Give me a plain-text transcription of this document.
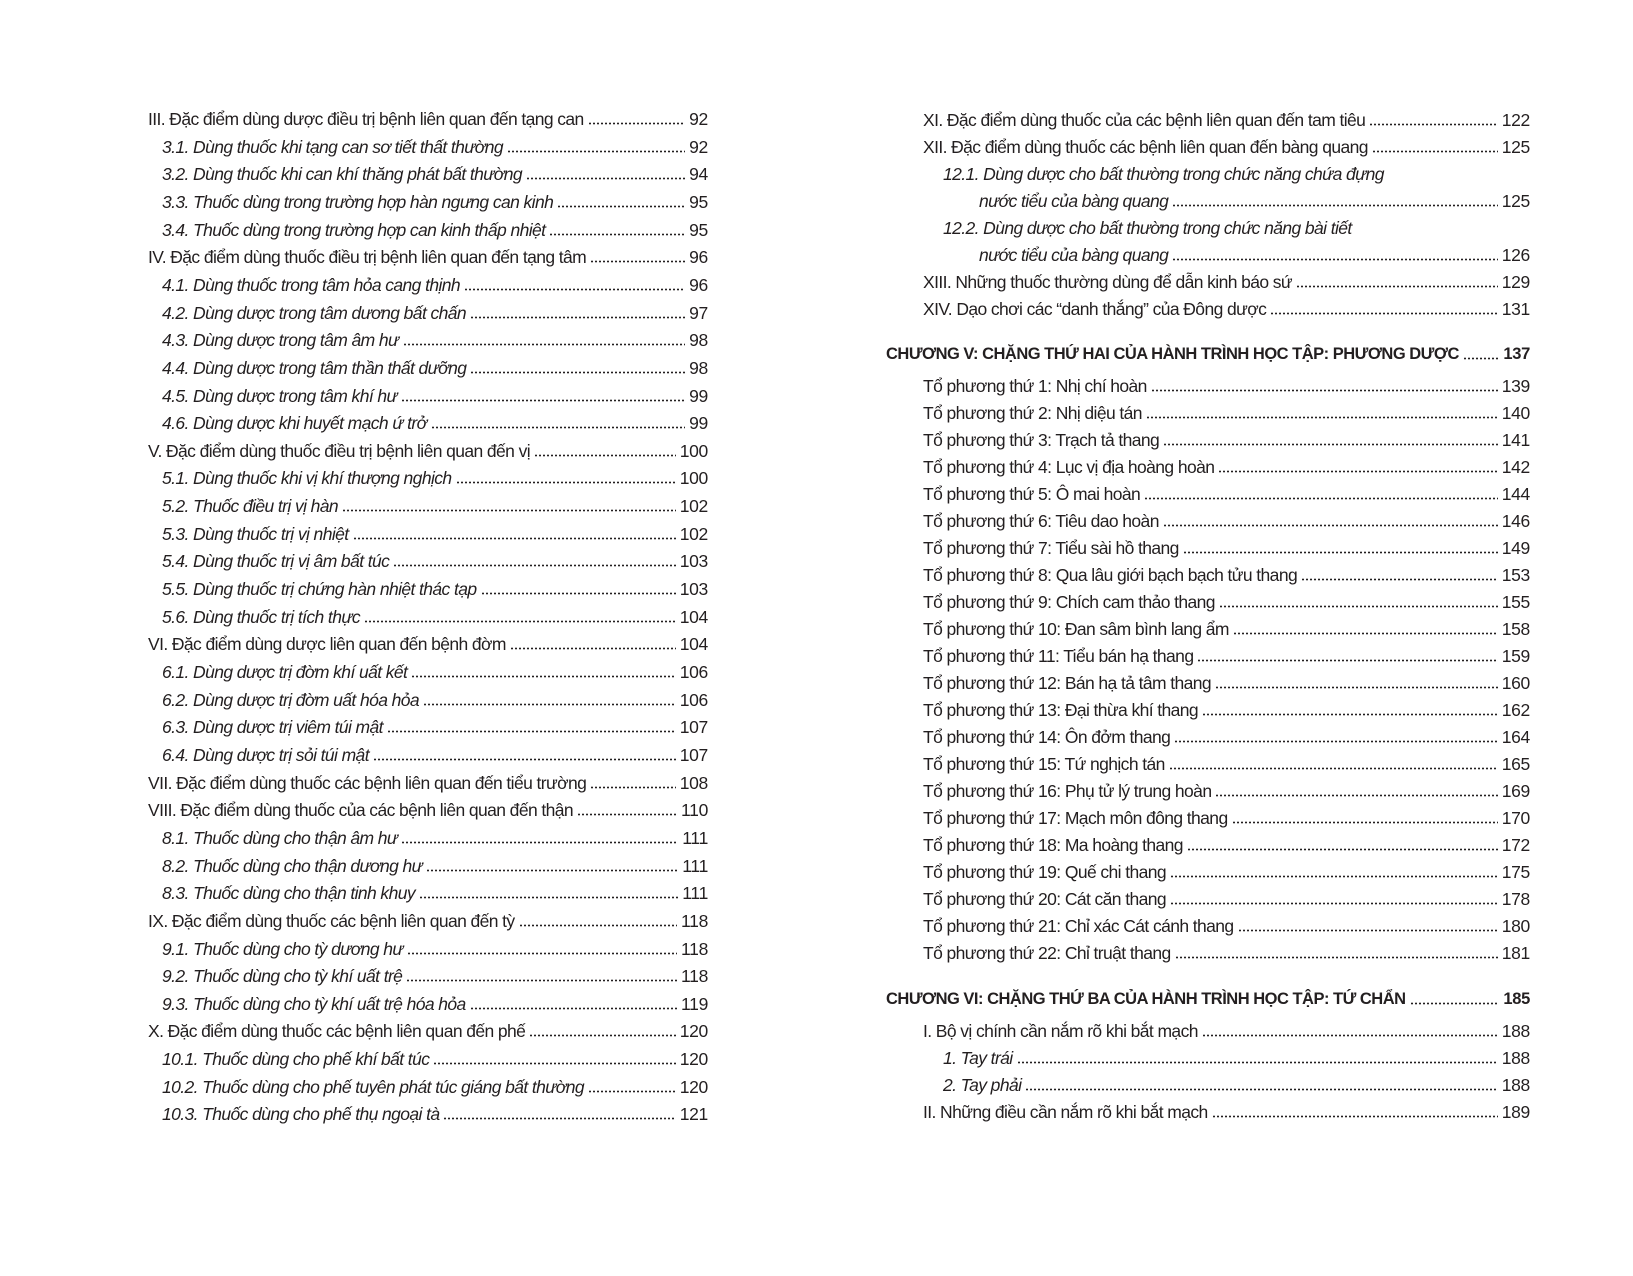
III. Đặc điểm dùng dược điều trị bệnh liên quan đến tạng can	92
3.1. Dùng thuốc khi tạng can sơ tiết thất thường	92
3.2. Dùng thuốc khi can khí thăng phát bất thường	94
3.3. Thuốc dùng trong trường hợp hàn ngưng can kinh	95
3.4. Thuốc dùng trong trường hợp can kinh thấp nhiệt	95
IV. Đặc điểm dùng thuốc điều trị bệnh liên quan đến tạng tâm	96
4.1. Dùng thuốc trong tâm hỏa cang thịnh	96
4.2. Dùng dược trong tâm dương bất chấn	97
4.3. Dùng dược trong tâm âm hư	98
4.4. Dùng dược trong tâm thần thất dưỡng	98
4.5. Dùng dược trong tâm khí hư	99
4.6. Dùng dược khi huyết mạch ứ trở	99
V. Đặc điểm dùng thuốc điều trị bệnh liên quan đến vị	100
5.1. Dùng thuốc khi vị khí thượng nghịch	100
5.2. Thuốc điều trị vị hàn	102
5.3. Dùng thuốc trị vị nhiệt	102
5.4. Dùng thuốc trị vị âm bất túc	103
5.5. Dùng thuốc trị chứng hàn nhiệt thác tạp	103
5.6. Dùng thuốc trị tích thực	104
VI. Đặc điểm dùng dược liên quan đến bệnh đờm	104
6.1. Dùng dược trị đờm khí uất kết	106
6.2. Dùng dược trị đờm uất hóa hỏa	106
6.3. Dùng dược trị viêm túi mật	107
6.4. Dùng dược trị sỏi túi mật	107
VII. Đặc điểm dùng thuốc các bệnh liên quan đến tiểu trường	108
VIII. Đặc điểm dùng thuốc của các bệnh liên quan đến thận	110
8.1. Thuốc dùng cho thận âm hư	111
8.2. Thuốc dùng cho thận dương hư	111
8.3. Thuốc dùng cho thận tinh khuy	111
IX. Đặc điểm dùng thuốc các bệnh liên quan đến tỳ	118
9.1. Thuốc dùng cho tỳ dương hư	118
9.2. Thuốc dùng cho tỳ khí uất trệ	118
9.3. Thuốc dùng cho tỳ khí uất trệ hóa hỏa	119
X. Đặc điểm dùng thuốc các bệnh liên quan đến phế	120
10.1. Thuốc dùng cho phế khí bất túc	120
10.2. Thuốc dùng cho phế tuyên phát túc giáng bất thường	120
10.3. Thuốc dùng cho phế thụ ngoại tà	121
XI. Đặc điểm dùng thuốc của các bệnh liên quan đến tam tiêu	122
XII. Đặc điểm dùng thuốc các bệnh liên quan đến bàng quang	125
12.1. Dùng dược cho bất thường trong chức năng chứa đựng
nước tiểu của bàng quang	125
12.2. Dùng dược cho bất thường trong chức năng bài tiết
nước tiểu của bàng quang	126
XIII. Những thuốc thường dùng để dẫn kinh báo sứ	129
XIV. Dạo chơi các “danh thắng” của Đông dược	131
CHƯƠNG V: CHẶNG THỨ HAI CỦA HÀNH TRÌNH HỌC TẬP: PHƯƠNG DƯỢC	137
Tổ phương thứ 1: Nhị chí hoàn	139
Tổ phương thứ 2: Nhị diệu tán	140
Tổ phương thứ 3: Trạch tả thang	141
Tổ phương thứ 4: Lục vị địa hoàng hoàn	142
Tổ phương thứ 5: Ô mai hoàn	144
Tổ phương thứ 6: Tiêu dao hoàn	146
Tổ phương thứ 7: Tiểu sài hồ thang	149
Tổ phương thứ 8: Qua lâu giới bạch bạch tửu thang	153
Tổ phương thứ 9: Chích cam thảo thang	155
Tổ phương thứ 10: Đan sâm bình lang ẩm	158
Tổ phương thứ 11: Tiểu bán hạ thang	159
Tổ phương thứ 12: Bán hạ tả tâm thang	160
Tổ phương thứ 13: Đại thừa khí thang	162
Tổ phương thứ 14: Ôn đởm thang	164
Tổ phương thứ 15: Tứ nghịch tán	165
Tổ phương thứ 16: Phụ tử lý trung hoàn	169
Tổ phương thứ 17: Mạch môn đông thang	170
Tổ phương thứ 18: Ma hoàng thang	172
Tổ phương thứ 19: Quế chi thang	175
Tổ phương thứ 20: Cát căn thang	178
Tổ phương thứ 21: Chỉ xác Cát cánh thang	180
Tổ phương thứ 22: Chỉ truật thang	181
CHƯƠNG VI: CHẶNG THỨ BA CỦA HÀNH TRÌNH HỌC TẬP: TỨ CHẨN	185
I. Bộ vị chính cần nắm rõ khi bắt mạch	188
1. Tay trái	188
2. Tay phải	188
II. Những điều cần nắm rõ khi bắt mạch	189
